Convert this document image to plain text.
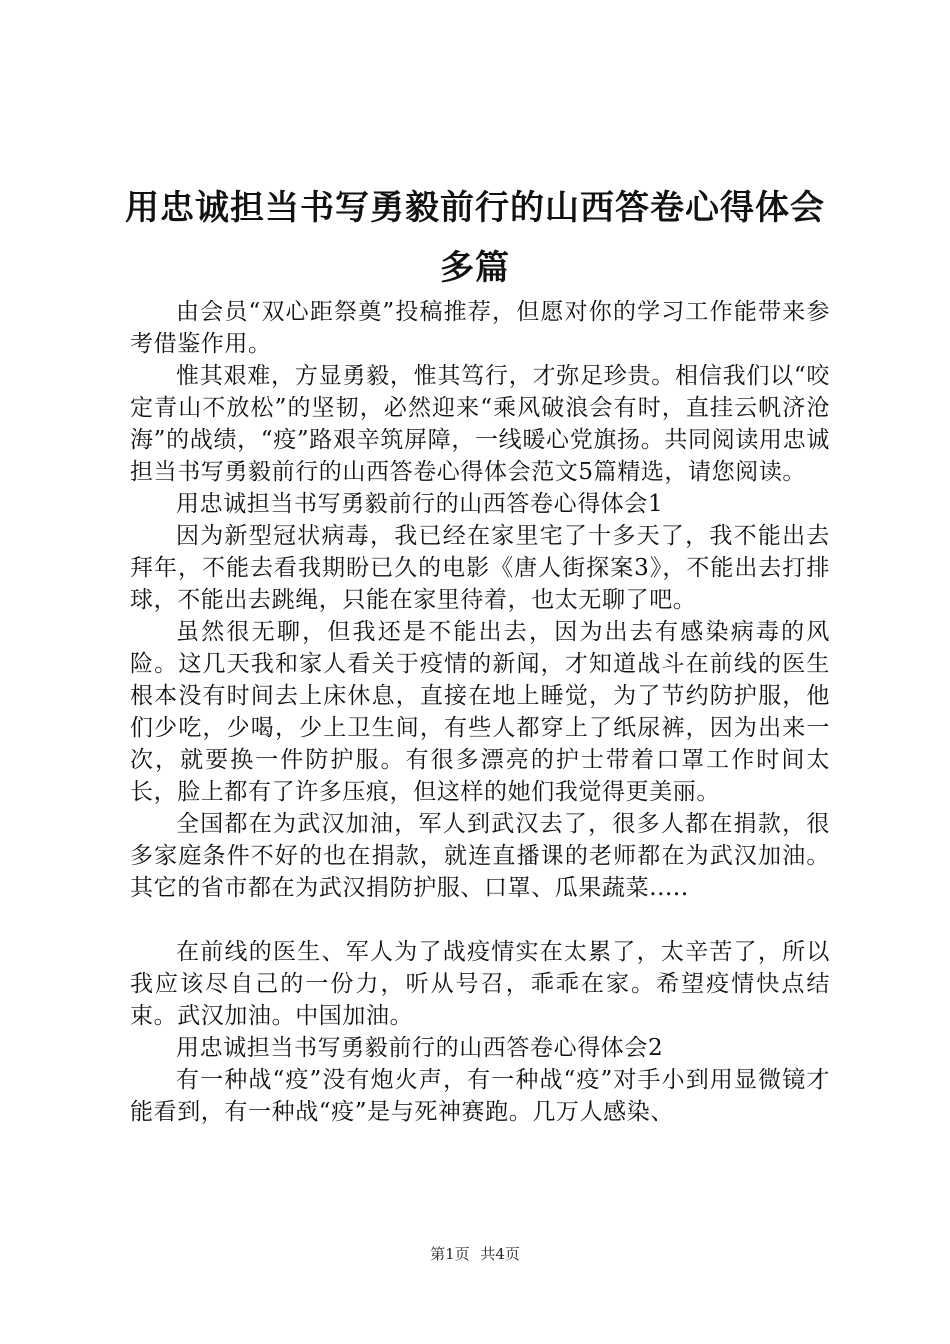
用忠诚担当书写勇毅前行的山西答卷心得体会
多篇

由会员“双心距祭奠”投稿推荐，但愿对你的学习工作能带来参考借鉴作用。

惟其艰难，方显勇毅，惟其笃行，才弥足珍贵。相信我们以“咬定青山不放松”的坚韧，必然迎来“乘风破浪会有时，直挂云帆济沧海”的战绩，“疫”路艰辛筑屏障，一线暖心党旗扬。共同阅读用忠诚担当书写勇毅前行的山西答卷心得体会范文5篇精选，请您阅读。

用忠诚担当书写勇毅前行的山西答卷心得体会1

因为新型冠状病毒，我已经在家里宅了十多天了，我不能出去拜年，不能去看我期盼已久的电影《唐人街探案3》，不能出去打排球，不能出去跳绳，只能在家里待着，也太无聊了吧。

虽然很无聊，但我还是不能出去，因为出去有感染病毒的风险。这几天我和家人看关于疫情的新闻，才知道战斗在前线的医生根本没有时间去上床休息，直接在地上睡觉，为了节约防护服，他们少吃，少喝，少上卫生间，有些人都穿上了纸尿裤，因为出来一次，就要换一件防护服。有很多漂亮的护士带着口罩工作时间太长，脸上都有了许多压痕，但这样的她们我觉得更美丽。

全国都在为武汉加油，军人到武汉去了，很多人都在捐款，很多家庭条件不好的也在捐款，就连直播课的老师都在为武汉加油。其它的省市都在为武汉捐防护服、口罩、瓜果蔬菜.....

在前线的医生、军人为了战疫情实在太累了，太辛苦了，所以我应该尽自己的一份力，听从号召，乖乖在家。希望疫情快点结束。武汉加油。中国加油。

用忠诚担当书写勇毅前行的山西答卷心得体会2

有一种战“疫”没有炮火声，有一种战“疫”对手小到用显微镜才能看到，有一种战“疫”是与死神赛跑。几万人感染、

第1页 共4页
